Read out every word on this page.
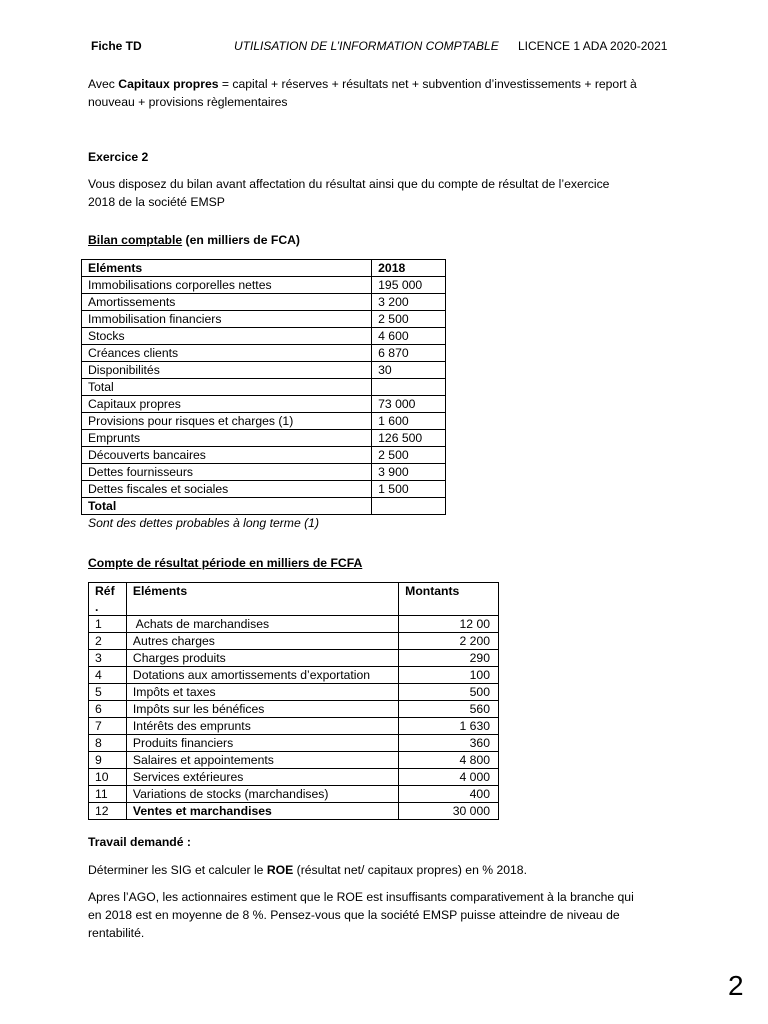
Fiche TD	UTILISATION DE L’INFORMATION COMPTABLE LICENCE 1 ADA 2020-2021
Avec Capitaux propres = capital + réserves + résultats net + subvention d’investissements + report à
nouveau + provisions règlementaires
Exercice 2
Vous disposez du bilan avant affectation du résultat ainsi que du compte de résultat de l’exercice
2018 de la société EMSP
Bilan comptable (en milliers de FCA)
Eléments	2018
Immobilisations corporelles nettes	195 000
Amortissements	3 200
Immobilisation financiers	2 500
Stocks	4 600
Créances clients	6 870
Disponibilités	30
Total	
Capitaux propres	73 000
Provisions pour risques et charges (1)	1 600
Emprunts	126 500
Découverts bancaires	2 500
Dettes fournisseurs	3 900
Dettes fiscales et sociales	1 500
Total	
Sont des dettes probables à long terme (1)
Compte de résultat période en milliers de FCFA
Réf .	Eléments	Montants
1	Achats de marchandises	12 00
2	Autres charges	2 200
3	Charges produits	290
4	Dotations aux amortissements d’exportation	100
5	Impôts et taxes	500
6	Impôts sur les bénéfices	560
7	Intérêts des emprunts	1 630
8	Produits financiers	360
9	Salaires et appointements	4 800
10	Services extérieures	4 000
11	Variations de stocks (marchandises)	400
12	Ventes et marchandises	30 000
Travail demandé :
Déterminer les SIG et calculer le ROE (résultat net/ capitaux propres) en % 2018.
Apres l’AGO, les actionnaires estiment que le ROE est insuffisants comparativement à la branche qui
en 2018 est en moyenne de 8 %. Pensez-vous que la société EMSP puisse atteindre de niveau de
rentabilité.
2
